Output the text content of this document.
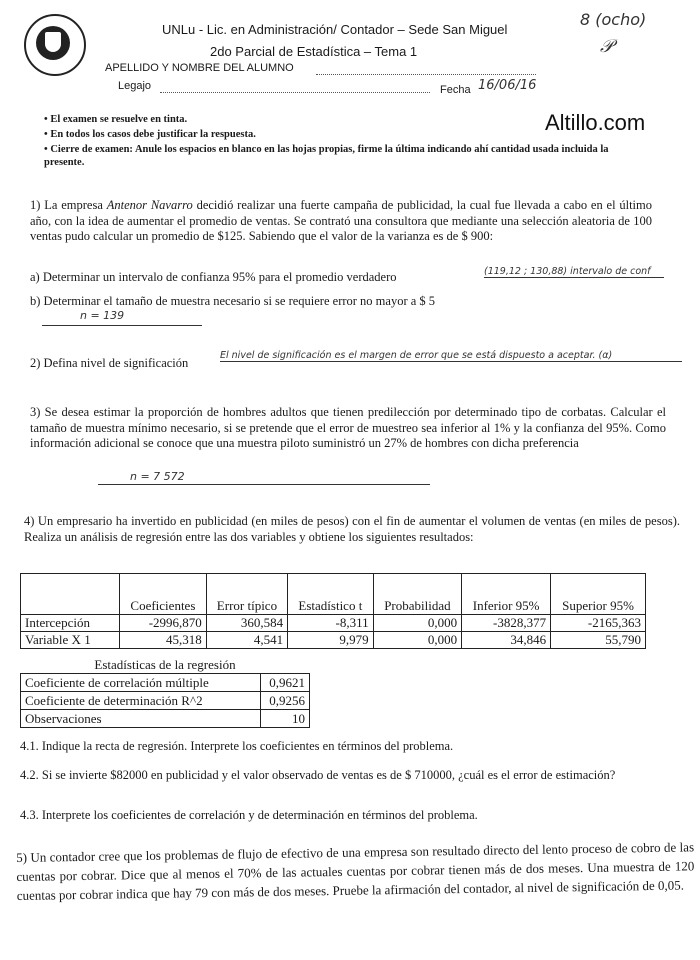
UNLu - Lic. en Administración/ Contador – Sede San Miguel
2do Parcial de Estadística – Tema 1
APELLIDO Y NOMBRE DEL ALUMNO
Legajo	Fecha 16/06/16
8 (ocho)
𝒫
Altillo.com
• El examen se resuelve en tinta.
• En todos los casos debe justificar la respuesta.
• Cierre de examen: Anule los espacios en blanco en las hojas propias, firme la última indicando ahí cantidad usada incluida la presente.
1) La empresa Antenor Navarro decidió realizar una fuerte campaña de publicidad, la cual fue llevada a cabo en el último año, con la idea de aumentar el promedio de ventas. Se contrató una consultora que mediante una selección aleatoria de 100 ventas pudo calcular un promedio de $125. Sabiendo que el valor de la varianza es de $ 900:
a) Determinar un intervalo de confianza 95% para el promedio verdadero	(119,12 ; 130,88) intervalo de conf
b) Determinar el tamaño de muestra necesario si se requiere error no mayor a $ 5
n = 139
2) Defina nivel de significación
El nivel de significación es el margen de error que se está dispuesto a aceptar. (α)
3) Se desea estimar la proporción de hombres adultos que tienen predilección por determinado tipo de corbatas. Calcular el tamaño de muestra mínimo necesario, si se pretende que el error de muestreo sea inferior al 1% y la confianza del 95%. Como información adicional se conoce que una muestra piloto suministró un 27% de hombres con dicha preferencia
n = 7 572
4) Un empresario ha invertido en publicidad (en miles de pesos) con el fin de aumentar el volumen de ventas (en miles de pesos). Realiza un análisis de regresión entre las dos variables y obtiene los siguientes resultados:
	Coeficientes	Error típico	Estadístico t	Probabilidad	Inferior 95%	Superior 95%
Intercepción	-2996,870	360,584	-8,311	0,000	-3828,377	-2165,363
Variable X 1	45,318	4,541	9,979	0,000	34,846	55,790
Estadísticas de la regresión	
Coeficiente de correlación múltiple	0,9621
Coeficiente de determinación R^2	0,9256
Observaciones	10
4.1. Indique la recta de regresión. Interprete los coeficientes en términos del problema.
4.2. Si se invierte $82000 en publicidad y el valor observado de ventas es de $ 710000, ¿cuál es el error de estimación?
4.3. Interprete los coeficientes de correlación y de determinación en términos del problema.
5) Un contador cree que los problemas de flujo de efectivo de una empresa son resultado directo del lento proceso de cobro de las cuentas por cobrar. Dice que al menos el 70% de las actuales cuentas por cobrar tienen más de dos meses. Una muestra de 120 cuentas por cobrar indica que hay 79 con más de dos meses. Pruebe la afirmación del contador, al nivel de significación de 0,05.
